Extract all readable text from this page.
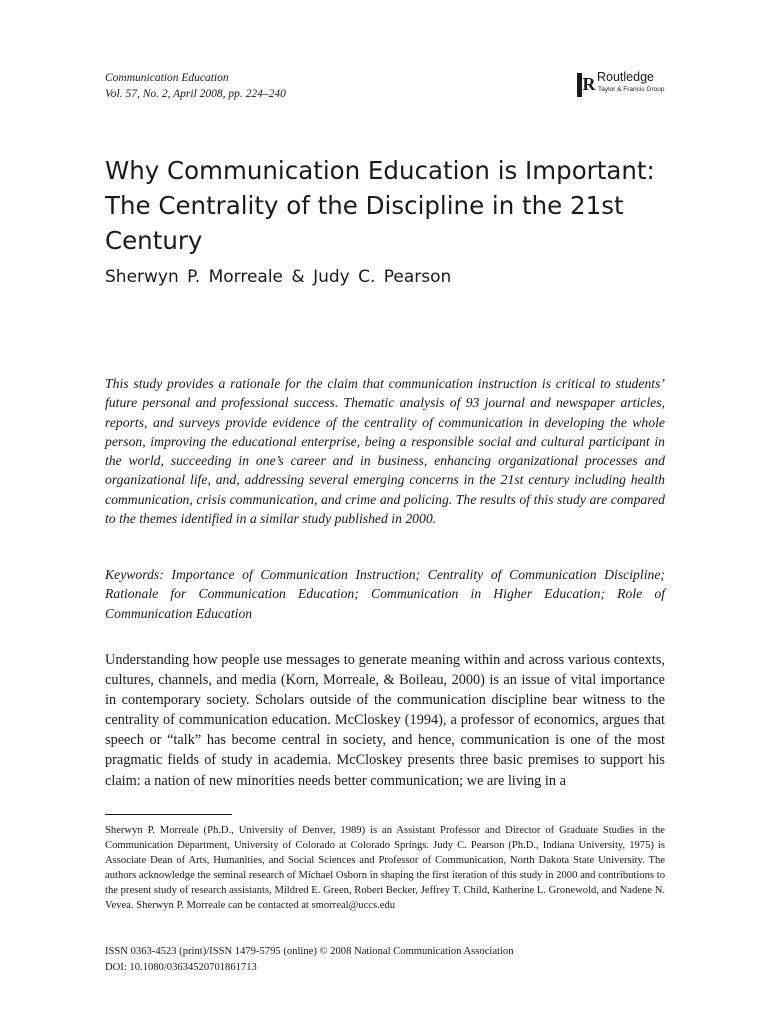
Communication Education
Vol. 57, No. 2, April 2008, pp. 224–240	R Routledge
Taylor & Francis Group
Why Communication Education is Important: The Centrality of the Discipline in the 21st Century

Sherwyn P. Morreale & Judy C. Pearson

This study provides a rationale for the claim that communication instruction is critical to students’ future personal and professional success. Thematic analysis of 93 journal and newspaper articles, reports, and surveys provide evidence of the centrality of communication in developing the whole person, improving the educational enterprise, being a responsible social and cultural participant in the world, succeeding in one’s career and in business, enhancing organizational processes and organizational life, and, addressing several emerging concerns in the 21st century including health communication, crisis communication, and crime and policing. The results of this study are compared to the themes identified in a similar study published in 2000.

Keywords: Importance of Communication Instruction; Centrality of Communication Discipline; Rationale for Communication Education; Communication in Higher Education; Role of Communication Education

Understanding how people use messages to generate meaning within and across various contexts, cultures, channels, and media (Korn, Morreale, & Boileau, 2000) is an issue of vital importance in contemporary society. Scholars outside of the communication discipline bear witness to the centrality of communication education. McCloskey (1994), a professor of economics, argues that speech or “talk” has become central in society, and hence, communication is one of the most pragmatic fields of study in academia. McCloskey presents three basic premises to support his claim: a nation of new minorities needs better communication; we are living in a

Sherwyn P. Morreale (Ph.D., University of Denver, 1989) is an Assistant Professor and Director of Graduate Studies in the Communication Department, University of Colorado at Colorado Springs. Judy C. Pearson (Ph.D., Indiana University, 1975) is Associate Dean of Arts, Humanities, and Social Sciences and Professor of Communication, North Dakota State University. The authors acknowledge the seminal research of Michael Osborn in shaping the first iteration of this study in 2000 and contributions to the present study of research assistants, Mildred E. Green, Robert Becker, Jeffrey T. Child, Katherine L. Gronewold, and Nadene N. Vevea. Sherwyn P. Morreale can be contacted at smorreal@uccs.edu

ISSN 0363-4523 (print)/ISSN 1479-5795 (online) © 2008 National Communication Association

DOI: 10.1080/03634520701861713
